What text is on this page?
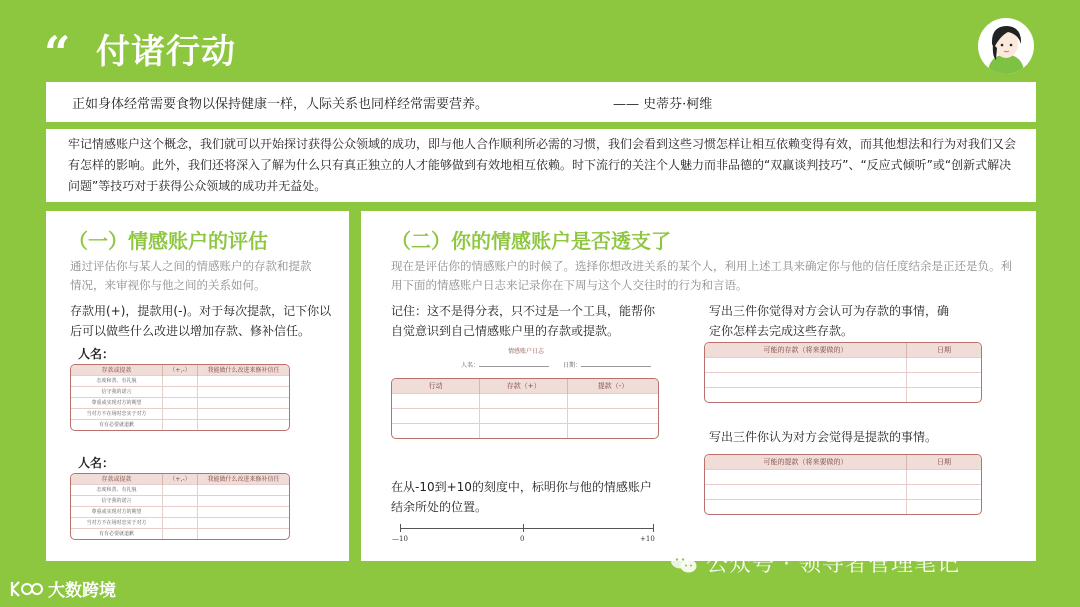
“ 付诸行动
正如身体经常需要食物以保持健康一样，人际关系也同样经常需要营养。	—— 史蒂芬·柯维

牢记情感账户这个概念，我们就可以开始探讨获得公众领域的成功，即与他人合作顺利所必需的习惯，我们会看到这些习惯怎样让相互依赖变得有效，而其他想法和行为对我们又会有怎样的影响。此外，我们还将深入了解为什么只有真正独立的人才能够做到有效地相互依赖。时下流行的关注个人魅力而非品德的“双赢谈判技巧”、“反应式倾听”或“创新式解决问题”等技巧对于获得公众领域的成功并无益处。

（一）情感账户的评估
通过评估你与某人之间的情感账户的存款和提款情况，来审视你与他之间的关系如何。
存款用(+)，提款用(-)。对于每次提款，记下你以后可以做些什么改进以增加存款、修补信任。
人名：
存款或提款	（+,-）	我能做什么改进来修补信任
态度和善、有礼貌		
信守我的诺言		
尊重或实现对方的期望		
当对方不在场时忠实于对方		
有有必要就道歉		
人名：
存款或提款	（+,-）	我能做什么改进来修补信任
态度和善、有礼貌		
信守我的诺言		
尊重或实现对方的期望		
当对方不在场时忠实于对方		
有有必要就道歉		
（二）你的情感账户是否透支了
现在是评估你的情感账户的时候了。选择你想改进关系的某个人，利用上述工具来确定你与他的信任度结余是正还是负。利用下面的情感账户日志来记录你在下周与这个人交往时的行为和言语。
记住：这不是得分表，只不过是一个工具，能帮你自觉意识到自己情感账户里的存款或提款。
写出三件你觉得对方会认可为存款的事情，确定你怎样去完成这些存款。
可能的存款（将来要做的）	日期

写出三件你认为对方会觉得是提款的事情。
可能的提款（将来要做的）	日期

在从-10到+10的刻度中，标明你与他的情感账户结余所处的位置。
情感账户日志
人名：	日期：
行动	存款（+）	提款（-）

—10	0	+10
公众号 · 领导者管理笔记
大数跨境
